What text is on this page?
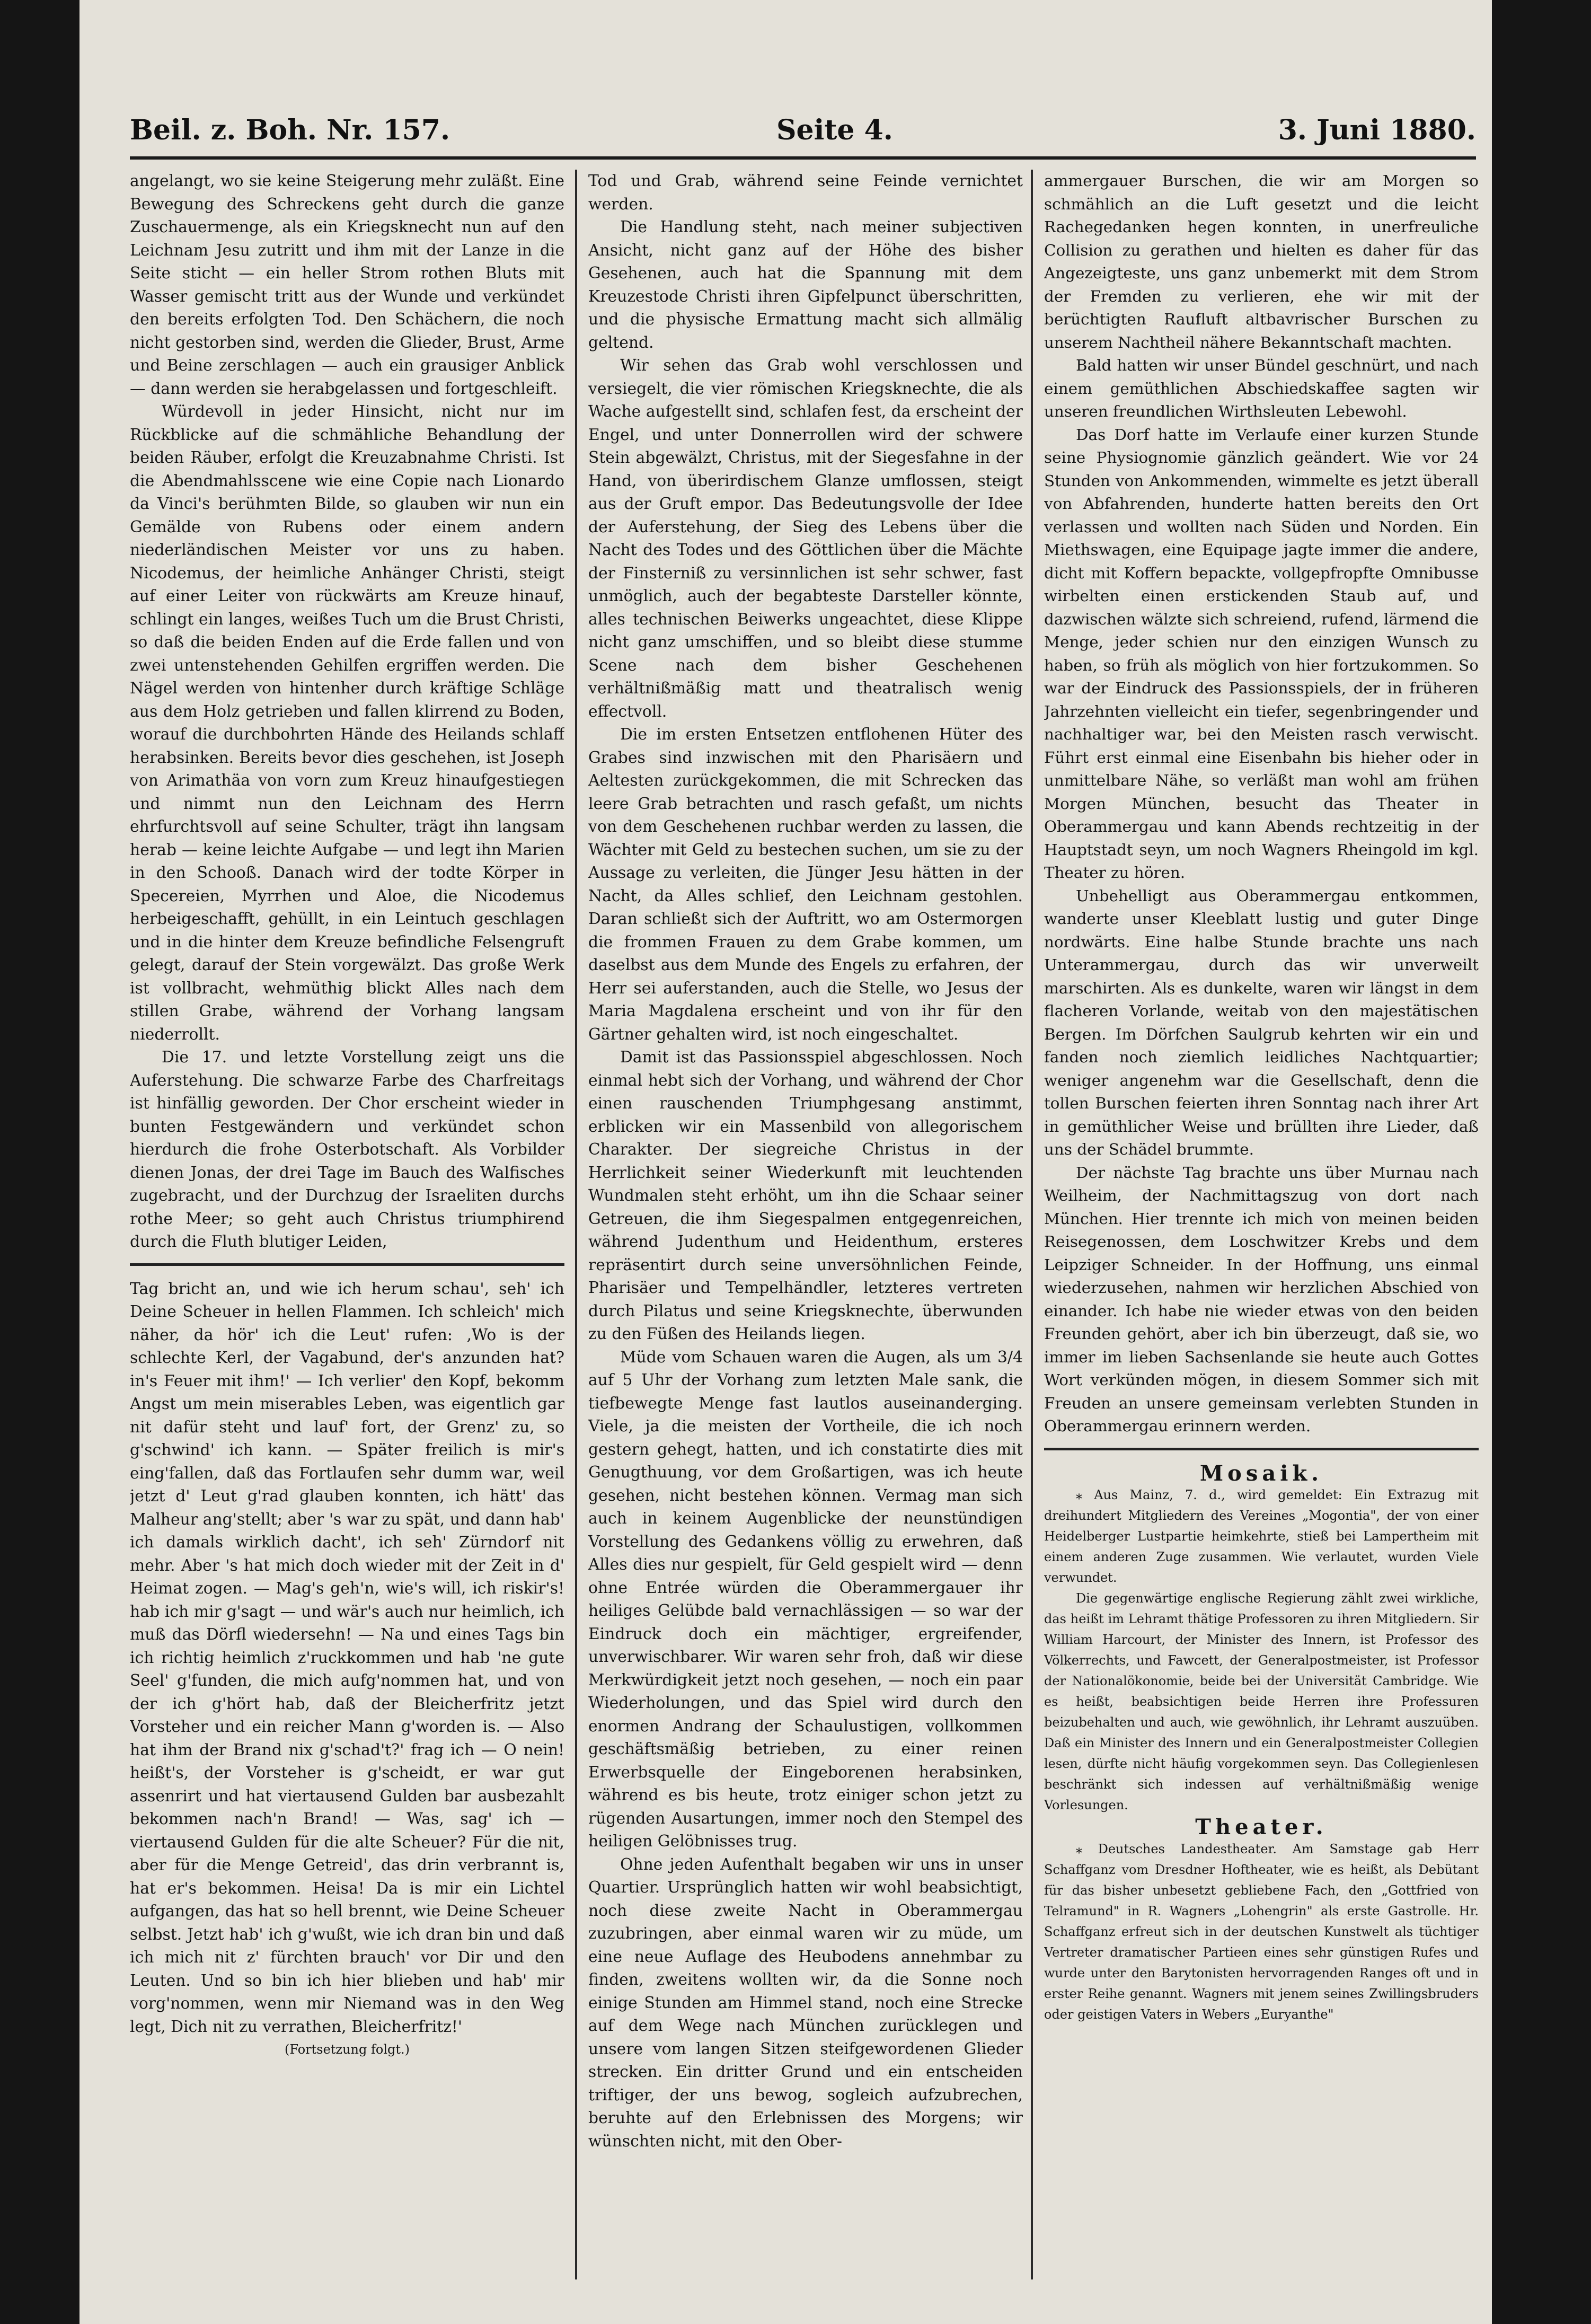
Beil. z. Boh. Nr. 157.	Seite 4.	3. Juni 1880.

angelangt, wo sie keine Steigerung mehr zuläßt. Eine Bewegung des Schreckens geht durch die ganze Zuschauermenge, als ein Kriegsknecht nun auf den Leichnam Jesu zutritt und ihm mit der Lanze in die Seite sticht — ein heller Strom rothen Bluts mit Wasser gemischt tritt aus der Wunde und verkündet den bereits erfolgten Tod. Den Schächern, die noch nicht gestorben sind, werden die Glieder, Brust, Arme und Beine zerschlagen — auch ein grausiger Anblick — dann werden sie herabgelassen und fortgeschleift.

Würdevoll in jeder Hinsicht, nicht nur im Rückblicke auf die schmähliche Behandlung der beiden Räuber, erfolgt die Kreuzabnahme Christi. Ist die Abendmahlsscene wie eine Copie nach Lionardo da Vinci's berühmten Bilde, so glauben wir nun ein Gemälde von Rubens oder einem andern niederländischen Meister vor uns zu haben. Nicodemus, der heimliche Anhänger Christi, steigt auf einer Leiter von rückwärts am Kreuze hinauf, schlingt ein langes, weißes Tuch um die Brust Christi, so daß die beiden Enden auf die Erde fallen und von zwei untenstehenden Gehilfen ergriffen werden. Die Nägel werden von hintenher durch kräftige Schläge aus dem Holz getrieben und fallen klirrend zu Boden, worauf die durchbohrten Hände des Heilands schlaff herabsinken. Bereits bevor dies geschehen, ist Joseph von Arimathäa von vorn zum Kreuz hinaufgestiegen und nimmt nun den Leichnam des Herrn ehrfurchtsvoll auf seine Schulter, trägt ihn langsam herab — keine leichte Aufgabe — und legt ihn Marien in den Schooß. Danach wird der todte Körper in Specereien, Myrrhen und Aloe, die Nicodemus herbeigeschafft, gehüllt, in ein Leintuch geschlagen und in die hinter dem Kreuze befindliche Felsengruft gelegt, darauf der Stein vorgewälzt. Das große Werk ist vollbracht, wehmüthig blickt Alles nach dem stillen Grabe, während der Vorhang langsam niederrollt.

Die 17. und letzte Vorstellung zeigt uns die Auferstehung. Die schwarze Farbe des Charfreitags ist hinfällig geworden. Der Chor erscheint wieder in bunten Festgewändern und verkündet schon hierdurch die frohe Osterbotschaft. Als Vorbilder dienen Jonas, der drei Tage im Bauch des Walfisches zugebracht, und der Durchzug der Israeliten durchs rothe Meer; so geht auch Christus triumphirend durch die Fluth blutiger Leiden,

Tag bricht an, und wie ich herum schau', seh' ich Deine Scheuer in hellen Flammen. Ich schleich' mich näher, da hör' ich die Leut' rufen: ‚Wo is der schlechte Kerl, der Vagabund, der's anzunden hat? in's Feuer mit ihm!' — Ich verlier' den Kopf, bekomm Angst um mein miserables Leben, was eigentlich gar nit dafür steht und lauf' fort, der Grenz' zu, so g'schwind' ich kann. — Später freilich is mir's eing'fallen, daß das Fortlaufen sehr dumm war, weil jetzt d' Leut g'rad glauben konnten, ich hätt' das Malheur ang'stellt; aber 's war zu spät, und dann hab' ich damals wirklich dacht', ich seh' Zürndorf nit mehr. Aber 's hat mich doch wieder mit der Zeit in d' Heimat zogen. — Mag's geh'n, wie's will, ich riskir's! hab ich mir g'sagt — und wär's auch nur heimlich, ich muß das Dörfl wiedersehn! — Na und eines Tags bin ich richtig heimlich z'ruckkommen und hab 'ne gute Seel' g'funden, die mich aufg'nommen hat, und von der ich g'hört hab, daß der Bleicherfritz jetzt Vorsteher und ein reicher Mann g'worden is. — Also hat ihm der Brand nix g'schad't?' frag ich — O nein! heißt's, der Vorsteher is g'scheidt, er war gut assenrirt und hat viertausend Gulden bar ausbezahlt bekommen nach'n Brand! — Was, sag' ich — viertausend Gulden für die alte Scheuer? Für die nit, aber für die Menge Getreid', das drin verbrannt is, hat er's bekommen. Heisa! Da is mir ein Lichtel aufgangen, das hat so hell brennt, wie Deine Scheuer selbst. Jetzt hab' ich g'wußt, wie ich dran bin und daß ich mich nit z' fürchten brauch' vor Dir und den Leuten. Und so bin ich hier blieben und hab' mir vorg'nommen, wenn mir Niemand was in den Weg legt, Dich nit zu verrathen, Bleicherfritz!'

(Fortsetzung folgt.)

Tod und Grab, während seine Feinde vernichtet werden.

Die Handlung steht, nach meiner subjectiven Ansicht, nicht ganz auf der Höhe des bisher Gesehenen, auch hat die Spannung mit dem Kreuzestode Christi ihren Gipfelpunct überschritten, und die physische Ermattung macht sich allmälig geltend.

Wir sehen das Grab wohl verschlossen und versiegelt, die vier römischen Kriegsknechte, die als Wache aufgestellt sind, schlafen fest, da erscheint der Engel, und unter Donnerrollen wird der schwere Stein abgewälzt, Christus, mit der Siegesfahne in der Hand, von überirdischem Glanze umflossen, steigt aus der Gruft empor. Das Bedeutungsvolle der Idee der Auferstehung, der Sieg des Lebens über die Nacht des Todes und des Göttlichen über die Mächte der Finsterniß zu versinnlichen ist sehr schwer, fast unmöglich, auch der begabteste Darsteller könnte, alles technischen Beiwerks ungeachtet, diese Klippe nicht ganz umschiffen, und so bleibt diese stumme Scene nach dem bisher Geschehenen verhältnißmäßig matt und theatralisch wenig effectvoll.

Die im ersten Entsetzen entflohenen Hüter des Grabes sind inzwischen mit den Pharisäern und Aeltesten zurückgekommen, die mit Schrecken das leere Grab betrachten und rasch gefaßt, um nichts von dem Geschehenen ruchbar werden zu lassen, die Wächter mit Geld zu bestechen suchen, um sie zu der Aussage zu verleiten, die Jünger Jesu hätten in der Nacht, da Alles schlief, den Leichnam gestohlen. Daran schließt sich der Auftritt, wo am Ostermorgen die frommen Frauen zu dem Grabe kommen, um daselbst aus dem Munde des Engels zu erfahren, der Herr sei auferstanden, auch die Stelle, wo Jesus der Maria Magdalena erscheint und von ihr für den Gärtner gehalten wird, ist noch eingeschaltet.

Damit ist das Passionsspiel abgeschlossen. Noch einmal hebt sich der Vorhang, und während der Chor einen rauschenden Triumphgesang anstimmt, erblicken wir ein Massenbild von allegorischem Charakter. Der siegreiche Christus in der Herrlichkeit seiner Wiederkunft mit leuchtenden Wundmalen steht erhöht, um ihn die Schaar seiner Getreuen, die ihm Siegespalmen entgegenreichen, während Judenthum und Heidenthum, ersteres repräsentirt durch seine unversöhnlichen Feinde, Pharisäer und Tempelhändler, letzteres vertreten durch Pilatus und seine Kriegsknechte, überwunden zu den Füßen des Heilands liegen.

Müde vom Schauen waren die Augen, als um 3/4 auf 5 Uhr der Vorhang zum letzten Male sank, die tiefbewegte Menge fast lautlos auseinanderging. Viele, ja die meisten der Vortheile, die ich noch gestern gehegt, hatten, und ich constatirte dies mit Genugthuung, vor dem Großartigen, was ich heute gesehen, nicht bestehen können. Vermag man sich auch in keinem Augenblicke der neunstündigen Vorstellung des Gedankens völlig zu erwehren, daß Alles dies nur gespielt, für Geld gespielt wird — denn ohne Entrée würden die Oberammergauer ihr heiliges Gelübde bald vernachlässigen — so war der Eindruck doch ein mächtiger, ergreifender, unverwischbarer. Wir waren sehr froh, daß wir diese Merkwürdigkeit jetzt noch gesehen, — noch ein paar Wiederholungen, und das Spiel wird durch den enormen Andrang der Schaulustigen, vollkommen geschäftsmäßig betrieben, zu einer reinen Erwerbsquelle der Eingeborenen herabsinken, während es bis heute, trotz einiger schon jetzt zu rügenden Ausartungen, immer noch den Stempel des heiligen Gelöbnisses trug.

Ohne jeden Aufenthalt begaben wir uns in unser Quartier. Ursprünglich hatten wir wohl beabsichtigt, noch diese zweite Nacht in Oberammergau zuzubringen, aber einmal waren wir zu müde, um eine neue Auflage des Heubodens annehmbar zu finden, zweitens wollten wir, da die Sonne noch einige Stunden am Himmel stand, noch eine Strecke auf dem Wege nach München zurücklegen und unsere vom langen Sitzen steifgewordenen Glieder strecken. Ein dritter Grund und ein entscheiden triftiger, der uns bewog, sogleich aufzubrechen, beruhte auf den Erlebnissen des Morgens; wir wünschten nicht, mit den Ober-

ammergauer Burschen, die wir am Morgen so schmählich an die Luft gesetzt und die leicht Rachegedanken hegen konnten, in unerfreuliche Collision zu gerathen und hielten es daher für das Angezeigteste, uns ganz unbemerkt mit dem Strom der Fremden zu verlieren, ehe wir mit der berüchtigten Raufluft altbavrischer Burschen zu unserem Nachtheil nähere Bekanntschaft machten.

Bald hatten wir unser Bündel geschnürt, und nach einem gemüthlichen Abschiedskaffee sagten wir unseren freundlichen Wirthsleuten Lebewohl.

Das Dorf hatte im Verlaufe einer kurzen Stunde seine Physiognomie gänzlich geändert. Wie vor 24 Stunden von Ankommenden, wimmelte es jetzt überall von Abfahrenden, hunderte hatten bereits den Ort verlassen und wollten nach Süden und Norden. Ein Miethswagen, eine Equipage jagte immer die andere, dicht mit Koffern bepackte, vollgepfropfte Omnibusse wirbelten einen erstickenden Staub auf, und dazwischen wälzte sich schreiend, rufend, lärmend die Menge, jeder schien nur den einzigen Wunsch zu haben, so früh als möglich von hier fortzukommen. So war der Eindruck des Passionsspiels, der in früheren Jahrzehnten vielleicht ein tiefer, segenbringender und nachhaltiger war, bei den Meisten rasch verwischt. Führt erst einmal eine Eisenbahn bis hieher oder in unmittelbare Nähe, so verläßt man wohl am frühen Morgen München, besucht das Theater in Oberammergau und kann Abends rechtzeitig in der Hauptstadt seyn, um noch Wagners Rheingold im kgl. Theater zu hören.

Unbehelligt aus Oberammergau entkommen, wanderte unser Kleeblatt lustig und guter Dinge nordwärts. Eine halbe Stunde brachte uns nach Unterammergau, durch das wir unverweilt marschirten. Als es dunkelte, waren wir längst in dem flacheren Vorlande, weitab von den majestätischen Bergen. Im Dörfchen Saulgrub kehrten wir ein und fanden noch ziemlich leidliches Nachtquartier; weniger angenehm war die Gesellschaft, denn die tollen Burschen feierten ihren Sonntag nach ihrer Art in gemüthlicher Weise und brüllten ihre Lieder, daß uns der Schädel brummte.

Der nächste Tag brachte uns über Murnau nach Weilheim, der Nachmittagszug von dort nach München. Hier trennte ich mich von meinen beiden Reisegenossen, dem Loschwitzer Krebs und dem Leipziger Schneider. In der Hoffnung, uns einmal wiederzusehen, nahmen wir herzlichen Abschied von einander. Ich habe nie wieder etwas von den beiden Freunden gehört, aber ich bin überzeugt, daß sie, wo immer im lieben Sachsenlande sie heute auch Gottes Wort verkünden mögen, in diesem Sommer sich mit Freuden an unsere gemeinsam verlebten Stunden in Oberammergau erinnern werden.

Mosaik.

⁎ Aus Mainz, 7. d., wird gemeldet: Ein Extrazug mit dreihundert Mitgliedern des Vereines „Mogontia", der von einer Heidelberger Lustpartie heimkehrte, stieß bei Lampertheim mit einem anderen Zuge zusammen. Wie verlautet, wurden Viele verwundet.

Die gegenwärtige englische Regierung zählt zwei wirkliche, das heißt im Lehramt thätige Professoren zu ihren Mitgliedern. Sir William Harcourt, der Minister des Innern, ist Professor des Völkerrechts, und Fawcett, der Generalpostmeister, ist Professor der Nationalökonomie, beide bei der Universität Cambridge. Wie es heißt, beabsichtigen beide Herren ihre Professuren beizubehalten und auch, wie gewöhnlich, ihr Lehramt auszuüben. Daß ein Minister des Innern und ein Generalpostmeister Collegien lesen, dürfte nicht häufig vorgekommen seyn. Das Collegienlesen beschränkt sich indessen auf verhältnißmäßig wenige Vorlesungen.

Theater.

⁎ Deutsches Landestheater. Am Samstage gab Herr Schaffganz vom Dresdner Hoftheater, wie es heißt, als Debütant für das bisher unbesetzt gebliebene Fach, den „Gottfried von Telramund" in R. Wagners „Lohengrin" als erste Gastrolle. Hr. Schaffganz erfreut sich in der deutschen Kunstwelt als tüchtiger Vertreter dramatischer Partieen eines sehr günstigen Rufes und wurde unter den Barytonisten hervorragenden Ranges oft und in erster Reihe genannt. Wagners mit jenem seines Zwillingsbruders oder geistigen Vaters in Webers „Euryanthe"
